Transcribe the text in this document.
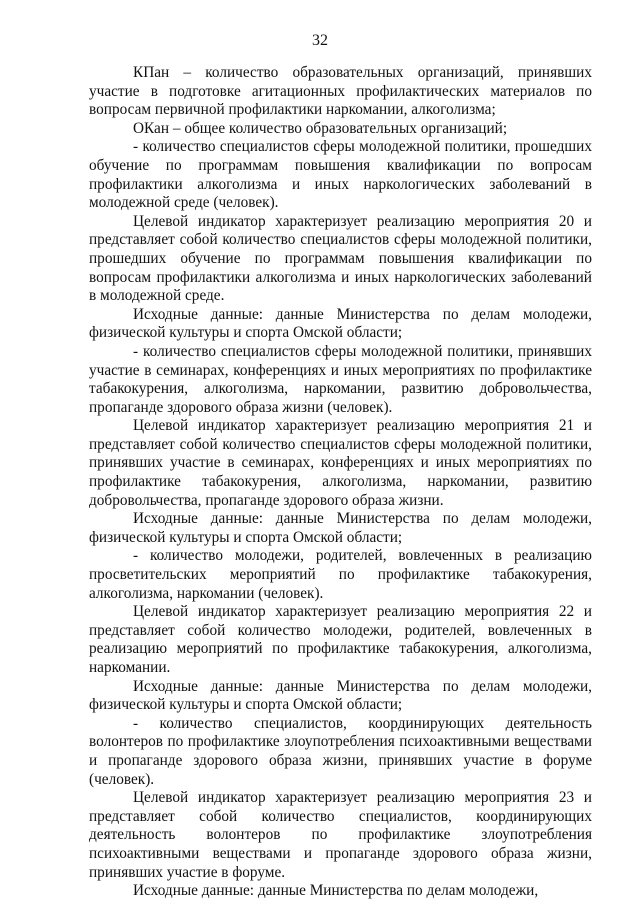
32

КПан – количество образовательных организаций, принявших участие в подготовке агитационных профилактических материалов по вопросам первичной профилактики наркомании, алкоголизма;

ОКан – общее количество образовательных организаций;

- количество специалистов сферы молодежной политики, прошедших обучение по программам повышения квалификации по вопросам профилактики алкоголизма и иных наркологических заболеваний в молодежной среде (человек).

Целевой индикатор характеризует реализацию мероприятия 20 и представляет собой количество специалистов сферы молодежной политики, прошедших обучение по программам повышения квалификации по вопросам профилактики алкоголизма и иных наркологических заболеваний в молодежной среде.

Исходные данные: данные Министерства по делам молодежи, физической культуры и спорта Омской области;

- количество специалистов сферы молодежной политики, принявших участие в семинарах, конференциях и иных мероприятиях по профилактике табакокурения, алкоголизма, наркомании, развитию добровольчества, пропаганде здорового образа жизни (человек).

Целевой индикатор характеризует реализацию мероприятия 21 и представляет собой количество специалистов сферы молодежной политики, принявших участие в семинарах, конференциях и иных мероприятиях по профилактике табакокурения, алкоголизма, наркомании, развитию добровольчества, пропаганде здорового образа жизни.

Исходные данные: данные Министерства по делам молодежи, физической культуры и спорта Омской области;

- количество молодежи, родителей, вовлеченных в реализацию просветительских мероприятий по профилактике табакокурения, алкоголизма, наркомании (человек).

Целевой индикатор характеризует реализацию мероприятия 22 и представляет собой количество молодежи, родителей, вовлеченных в реализацию мероприятий по профилактике табакокурения, алкоголизма, наркомании.

Исходные данные: данные Министерства по делам молодежи, физической культуры и спорта Омской области;

- количество специалистов, координирующих деятельность волонтеров по профилактике злоупотребления психоактивными веществами и пропаганде здорового образа жизни, принявших участие в форуме (человек).

Целевой индикатор характеризует реализацию мероприятия 23 и представляет собой количество специалистов, координирующих деятельность волонтеров по профилактике злоупотребления психоактивными веществами и пропаганде здорового образа жизни, принявших участие в форуме.

Исходные данные: данные Министерства по делам молодежи,
